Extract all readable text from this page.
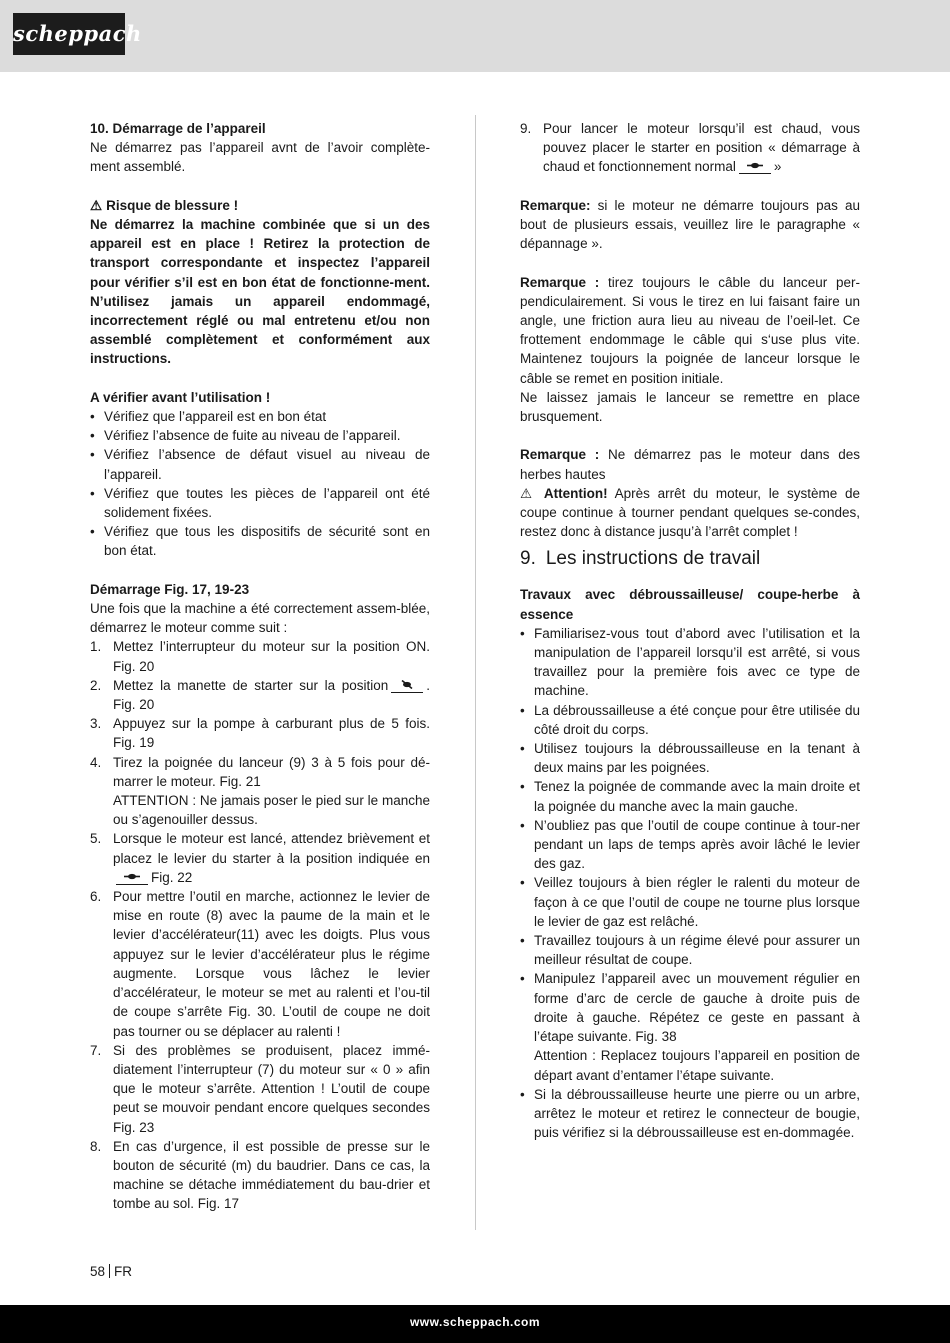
scheppach

10. Démarrage de l’appareil

Ne démarrez pas l’appareil avnt de l’avoir complète-ment assemblé.

⚠ Risque de blessure !

Ne démarrez la machine combinée que si un des appareil est en place ! Retirez la protection de transport correspondante et inspectez l’appareil pour vérifier s’il est en bon état de fonctionne-ment. N’utilisez jamais un appareil endommagé, incorrectement réglé ou mal entretenu et/ou non assemblé complètement et conformément aux instructions.

A vérifier avant l’utilisation !

• Vérifiez que l’appareil est en bon état
• Vérifiez l’absence de fuite au niveau de l’appareil.
• Vérifiez l’absence de défaut visuel au niveau de l’appareil.
• Vérifiez que toutes les pièces de l’appareil ont été solidement fixées.
• Vérifiez que tous les dispositifs de sécurité sont en bon état.

Démarrage Fig. 17, 19-23

Une fois que la machine a été correctement assem-blée, démarrez le moteur comme suit :

1. Mettez l’interrupteur du moteur sur la position ON. Fig. 20
2. Mettez la manette de starter sur la position	. Fig. 20
3. Appuyez sur la pompe à carburant plus de 5 fois. Fig. 19
4. Tirez la poignée du lanceur (9) 3 à 5 fois pour dé-marrer le moteur. Fig. 21
ATTENTION : Ne jamais poser le pied sur le manche ou s’agenouiller dessus.
5. Lorsque le moteur est lancé, attendez brièvement et placez le levier du starter à la position indiquée en
Fig. 22
6. Pour mettre l’outil en marche, actionnez le levier de mise en route (8) avec la paume de la main et le levier d’accélérateur(11) avec les doigts. Plus vous appuyez sur le levier d’accélérateur plus le régime augmente. Lorsque vous lâchez le levier d’accélérateur, le moteur se met au ralenti et l’ou-til de coupe s’arrête Fig. 30. L’outil de coupe ne doit pas tourner ou se déplacer au ralenti !
7. Si des problèmes se produisent, placez immé-diatement l’interrupteur (7) du moteur sur « 0 » afin que le moteur s’arrête. Attention ! L’outil de coupe peut se mouvoir pendant encore quelques secondes Fig. 23
8. En cas d’urgence, il est possible de presse sur le bouton de sécurité (m) du baudrier. Dans ce cas, la machine se détache immédiatement du bau-drier et tombe au sol. Fig. 17
9. Pour lancer le moteur lorsqu’il est chaud, vous pouvez placer le starter en position « démarrage à chaud et fonctionnement normal	»

Remarque: si le moteur ne démarre toujours pas au bout de plusieurs essais, veuillez lire le paragraphe « dépannage ».

Remarque : tirez toujours le câble du lanceur per-pendiculairement. Si vous le tirez en lui faisant faire un angle, une friction aura lieu au niveau de l’oeil-let. Ce frottement endommage le câble qui s‘use plus vite. Maintenez toujours la poignée de lanceur lorsque le câble se remet en position initiale.

Ne laissez jamais le lanceur se remettre en place brusquement.

Remarque : Ne démarrez pas le moteur dans des herbes hautes

⚠ Attention! Après arrêt du moteur, le système de coupe continue à tourner pendant quelques se-condes, restez donc à distance jusqu’à l’arrêt complet !

9. Les instructions de travail

Travaux avec débroussailleuse/ coupe-herbe à essence

• Familiarisez-vous tout d’abord avec l’utilisation et la manipulation de l’appareil lorsqu’il est arrêté, si vous travaillez pour la première fois avec ce type de machine.
• La débroussailleuse a été conçue pour être utilisée du côté droit du corps.
• Utilisez toujours la débroussailleuse en la tenant à deux mains par les poignées.
• Tenez la poignée de commande avec la main droite et la poignée du manche avec la main gauche.
• N’oubliez pas que l’outil de coupe continue à tour-ner pendant un laps de temps après avoir lâché le levier des gaz.
• Veillez toujours à bien régler le ralenti du moteur de façon à ce que l’outil de coupe ne tourne plus lorsque le levier de gaz est relâché.
• Travaillez toujours à un régime élevé pour assurer un meilleur résultat de coupe.
• Manipulez l’appareil avec un mouvement régulier en forme d’arc de cercle de gauche à droite puis de droite à gauche. Répétez ce geste en passant à l’étape suivante. Fig. 38
Attention : Replacez toujours l’appareil en position de départ avant d’entamer l’étape suivante.
• Si la débroussailleuse heurte une pierre ou un arbre, arrêtez le moteur et retirez le connecteur de bougie, puis vérifiez si la débroussailleuse est en-dommagée.
58 FR
www.scheppach.com
